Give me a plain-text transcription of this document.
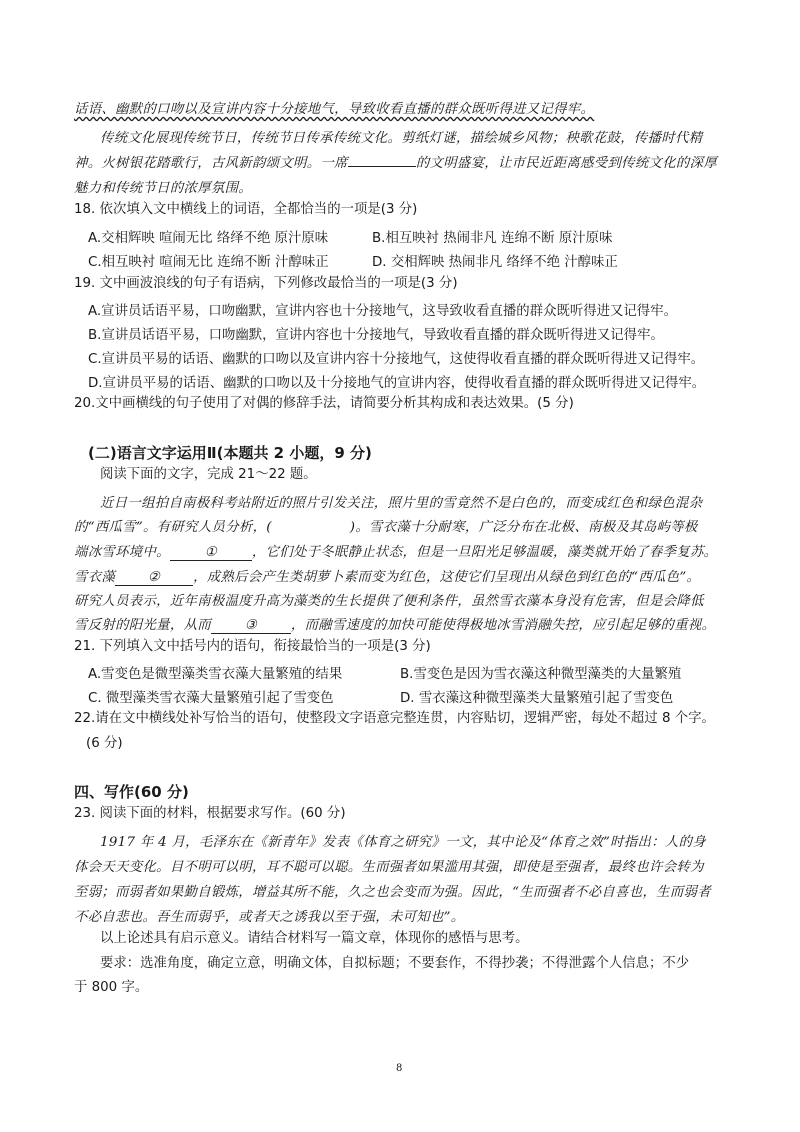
话语、幽默的口吻以及宣讲内容十分接地气，导致收看直播的群众既听得进又记得牢。
传统文化展现传统节日，传统节日传承传统文化。剪纸灯谜，描绘城乡风物；秧歌花鼓，传播时代精
神。火树银花踏歌行，古风新韵颂文明。一席	的文明盛宴，让市民近距离感受到传统文化的深厚
魅力和传统节日的浓厚氛围。
18. 依次填入文中横线上的词语，全都恰当的一项是(3 分)
A.交相辉映 喧闹无比 络绎不绝 原汁原味	B.相互映衬 热闹非凡 连绵不断 原汁原味
C.相互映衬 喧闹无比 连绵不断 汁醇味正	D. 交相辉映 热闹非凡 络绎不绝 汁醇味正
19. 文中画波浪线的句子有语病，下列修改最恰当的一项是(3 分)
A.宣讲员话语平易，口吻幽默，宣讲内容也十分接地气，这导致收看直播的群众既听得进又记得牢。
B.宣讲员话语平易，口吻幽默，宣讲内容也十分接地气，导致收看直播的群众既听得进又记得牢。
C.宣讲员平易的话语、幽默的口吻以及宣讲内容十分接地气，这使得收看直播的群众既听得进又记得牢。
D.宣讲员平易的话语、幽默的口吻以及十分接地气的宣讲内容，使得收看直播的群众既听得进又记得牢。
20.文中画横线的句子使用了对偶的修辞手法，请简要分析其构成和表达效果。(5 分)
(二)语言文字运用Ⅱ(本题共 2 小题，9 分)
阅读下面的文字，完成 21～22 题。
近日一组拍自南极科考站附近的照片引发关注，照片里的雪竟然不是白色的，而变成红色和绿色混杂
的“西瓜雪”。有研究人员分析，(	)。雪衣藻十分耐寒，广泛分布在北极、南极及其岛屿等极
端冰雪环境中。	①	，它们处于冬眠静止状态，但是一旦阳光足够温暖，藻类就开始了春季复苏。
雪衣藻 ② ，成熟后会产生类胡萝卜素而变为红色，这使它们呈现出从绿色到红色的“西瓜色”。
研究人员表示，近年南极温度升高为藻类的生长提供了便利条件，虽然雪衣藻本身没有危害，但是会降低
雪反射的阳光量，从而	③	，而融雪速度的加快可能使得极地冰雪消融失控，应引起足够的重视。
21. 下列填入文中括号内的语句，衔接最恰当的一项是(3 分)
A.雪变色是微型藻类雪衣藻大量繁殖的结果	B.雪变色是因为雪衣藻这种微型藻类的大量繁殖
C. 微型藻类雪衣藻大量繁殖引起了雪变色	D. 雪衣藻这种微型藻类大量繁殖引起了雪变色
22.请在文中横线处补写恰当的语句，使整段文字语意完整连贯，内容贴切，逻辑严密，每处不超过 8 个字。
(6 分)
四、写作(60 分)
23. 阅读下面的材料，根据要求写作。(60 分)
1917 年 4 月，毛泽东在《新青年》发表《体育之研究》一文，其中论及“体育之效”时指出：人的身
体会天天变化。目不明可以明，耳不聪可以聪。生而强者如果滥用其强，即使是至强者，最终也许会转为
至弱；而弱者如果勤自锻炼，增益其所不能，久之也会变而为强。因此，“生而强者不必自喜也，生而弱者
不必自悲也。吾生而弱乎，或者天之诱我以至于强，未可知也”。
以上论述具有启示意义。请结合材料写一篇文章，体现你的感悟与思考。
要求：选准角度，确定立意，明确文体，自拟标题；不要套作，不得抄袭；不得泄露个人信息；不少
于 800 字。
8
